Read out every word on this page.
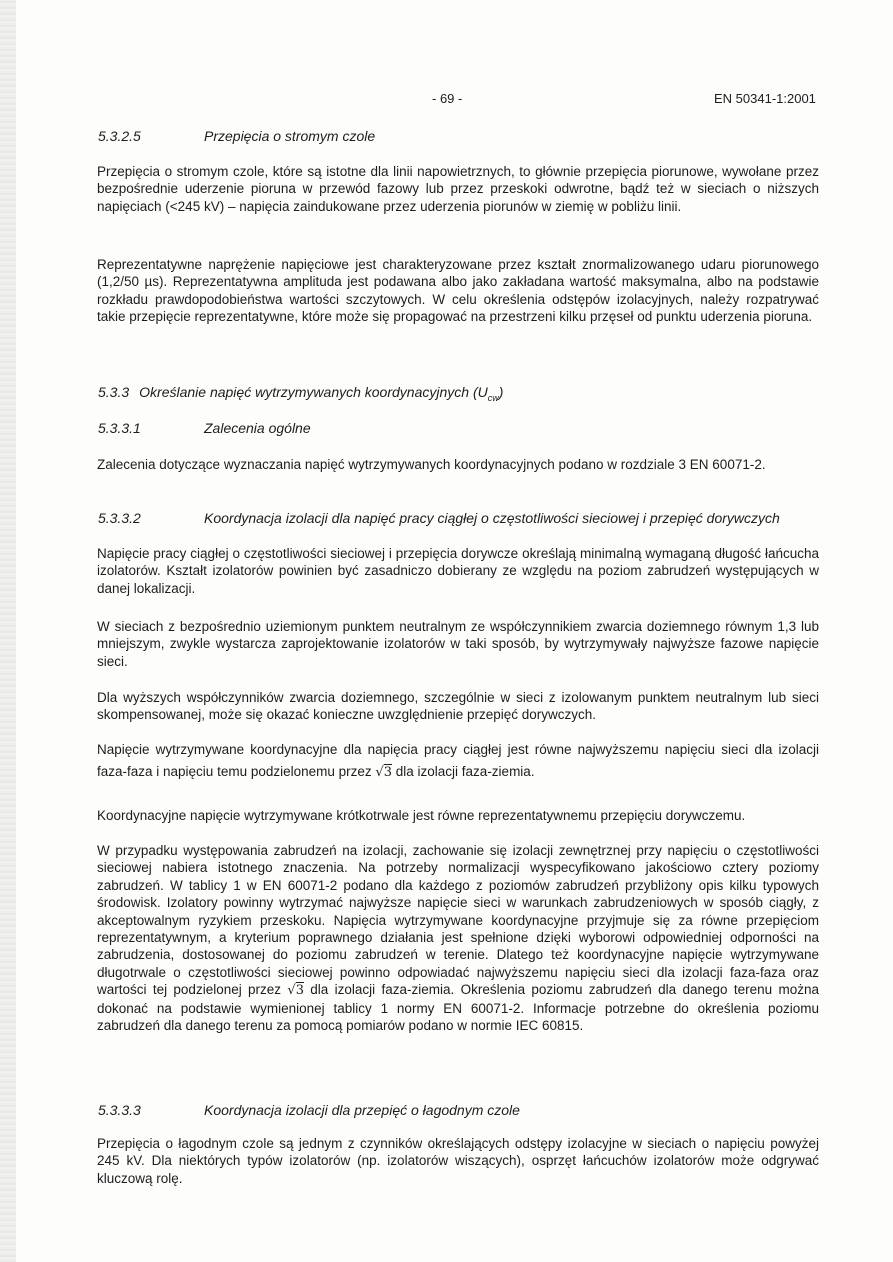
- 69 -	EN 50341-1:2001
5.3.2.5	Przepięcia o stromym czole

Przepięcia o stromym czole, które są istotne dla linii napowietrznych, to głównie przepięcia piorunowe, wywołane przez bezpośrednie uderzenie pioruna w przewód fazowy lub przez przeskoki odwrotne, bądź też w sieciach o niższych napięciach (<245 kV) – napięcia zaindukowane przez uderzenia piorunów w ziemię w pobliżu linii.

Reprezentatywne naprężenie napięciowe jest charakteryzowane przez kształt znormalizowanego udaru piorunowego (1,2/50 µs). Reprezentatywna amplituda jest podawana albo jako zakładana wartość maksymalna, albo na podstawie rozkładu prawdopodobieństwa wartości szczytowych. W celu określenia odstępów izolacyjnych, należy rozpatrywać takie przepięcie reprezentatywne, które może się propagować na przestrzeni kilku przęseł od punktu uderzenia pioruna.

5.3.3 Określanie napięć wytrzymywanych koordynacyjnych $(U_{cw})$
5.3.3.1	Zalecenia ogólne

Zalecenia dotyczące wyznaczania napięć wytrzymywanych koordynacyjnych podano w rozdziale 3 EN 60071-2.

5.3.3.2	Koordynacja izolacji dla napięć pracy ciągłej o częstotliwości sieciowej i przepięć dorywczych

Napięcie pracy ciągłej o częstotliwości sieciowej i przepięcia dorywcze określają minimalną wymaganą długość łańcucha izolatorów. Kształt izolatorów powinien być zasadniczo dobierany ze względu na poziom zabrudzeń występujących w danej lokalizacji.

W sieciach z bezpośrednio uziemionym punktem neutralnym ze współczynnikiem zwarcia doziemnego równym 1,3 lub mniejszym, zwykle wystarcza zaprojektowanie izolatorów w taki sposób, by wytrzymywały najwyższe fazowe napięcie sieci.

Dla wyższych współczynników zwarcia doziemnego, szczególnie w sieci z izolowanym punktem neutralnym lub sieci skompensowanej, może się okazać konieczne uwzględnienie przepięć dorywczych.

Napięcie wytrzymywane koordynacyjne dla napięcia pracy ciągłej jest równe najwyższemu napięciu sieci dla izolacji faza-faza i napięciu temu podzielonemu przez √3 dla izolacji faza-ziemia.

Koordynacyjne napięcie wytrzymywane krótkotrwale jest równe reprezentatywnemu przepięciu dorywczemu.

W przypadku występowania zabrudzeń na izolacji, zachowanie się izolacji zewnętrznej przy napięciu o częstotliwości sieciowej nabiera istotnego znaczenia. Na potrzeby normalizacji wyspecyfikowano jakościowo cztery poziomy zabrudzeń. W tablicy 1 w EN 60071-2 podano dla każdego z poziomów zabrudzeń przybliżony opis kilku typowych środowisk. Izolatory powinny wytrzymać najwyższe napięcie sieci w warunkach zabrudzeniowych w sposób ciągły, z akceptowalnym ryzykiem przeskoku. Napięcia wytrzymywane koordynacyjne przyjmuje się za równe przepięciom reprezentatywnym, a kryterium poprawnego działania jest spełnione dzięki wyborowi odpowiedniej odporności na zabrudzenia, dostosowanej do poziomu zabrudzeń w terenie. Dlatego też koordynacyjne napięcie wytrzymywane długotrwale o częstotliwości sieciowej powinno odpowiadać najwyższemu napięciu sieci dla izolacji faza-faza oraz wartości tej podzielonej przez √3 dla izolacji faza-ziemia. Określenia poziomu zabrudzeń dla danego terenu można dokonać na podstawie wymienionej tablicy 1 normy EN 60071-2. Informacje potrzebne do określenia poziomu zabrudzeń dla danego terenu za pomocą pomiarów podano w normie IEC 60815.

5.3.3.3	Koordynacja izolacji dla przepięć o łagodnym czole

Przepięcia o łagodnym czole są jednym z czynników określających odstępy izolacyjne w sieciach o napięciu powyżej 245 kV. Dla niektórych typów izolatorów (np. izolatorów wiszących), osprzęt łańcuchów izolatorów może odgrywać kluczową rolę.
